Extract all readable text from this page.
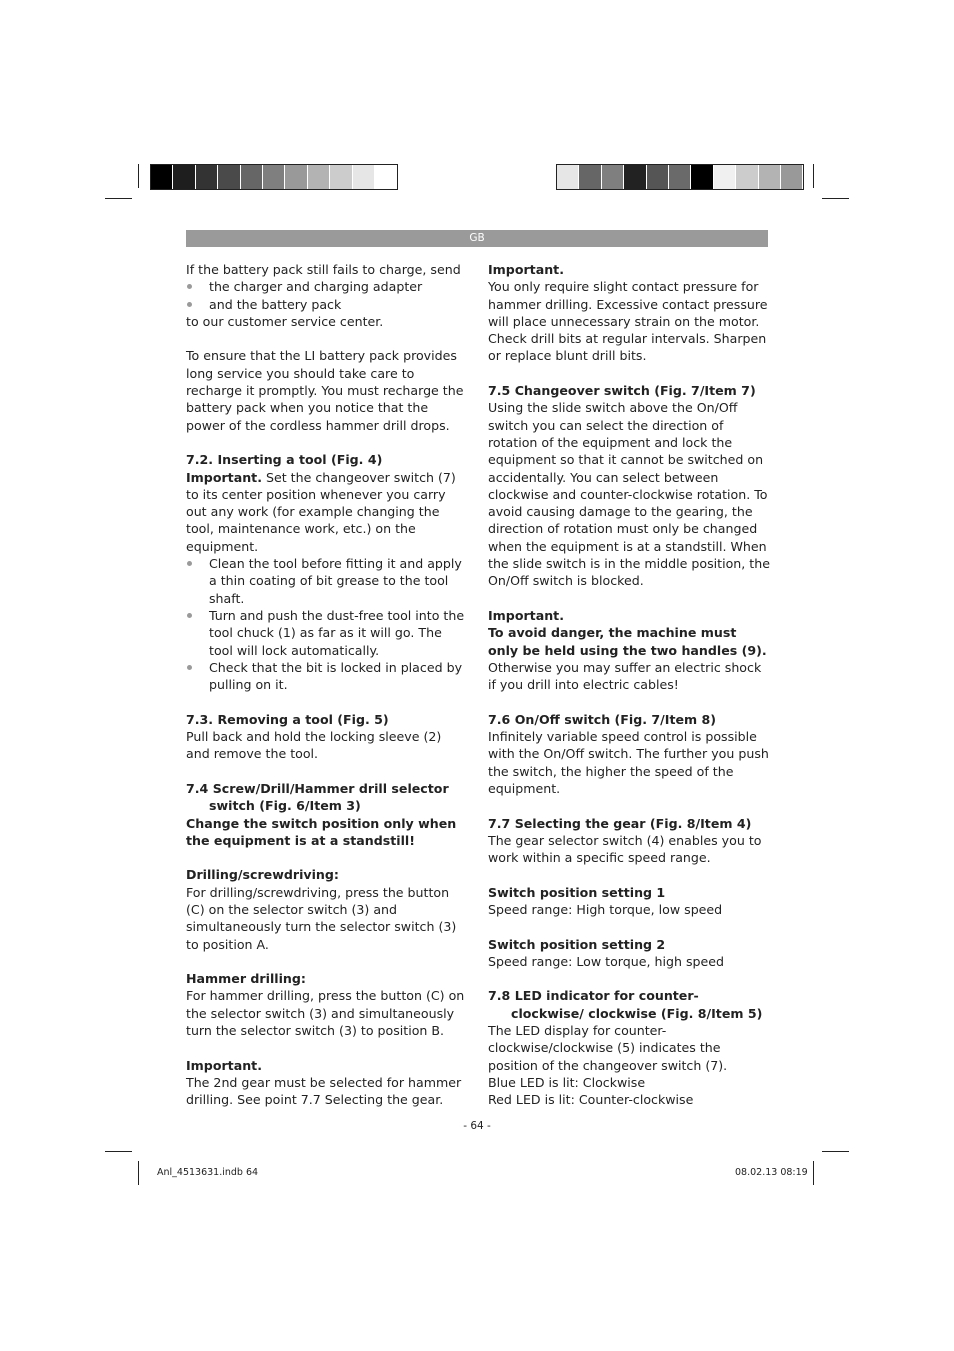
GB

If the battery pack still fails to charge, send

the charger and charging adapter
and the battery pack

to our customer service center.

To ensure that the LI battery pack provides long service you should take care to recharge it promptly. You must recharge the battery pack when you notice that the power of the cordless hammer drill drops.

7.2. Inserting a tool (Fig. 4)

Important. Set the changeover switch (7) to its center position whenever you carry out any work (for example changing the tool, maintenance work, etc.) on the equipment.

Clean the tool before fitting it and apply a thin coating of bit grease to the tool shaft.
Turn and push the dust-free tool into the tool chuck (1) as far as it will go. The tool will lock automatically.
Check that the bit is locked in placed by pulling on it.

7.3. Removing a tool (Fig. 5)

Pull back and hold the locking sleeve (2) and remove the tool.

7.4 Screw/Drill/Hammer drill selector switch (Fig. 6/Item 3)

Change the switch position only when the equipment is at a standstill!

Drilling/screwdriving:

For drilling/screwdriving, press the button (C) on the selector switch (3) and simultaneously turn the selector switch (3) to position A.

Hammer drilling:

For hammer drilling, press the button (C) on the selector switch (3) and simultaneously turn the selector switch (3) to position B.

Important.

The 2nd gear must be selected for hammer drilling. See point 7.7 Selecting the gear.

Important.

You only require slight contact pressure for hammer drilling. Excessive contact pressure will place unnecessary strain on the motor. Check drill bits at regular intervals. Sharpen or replace blunt drill bits.

7.5 Changeover switch (Fig. 7/Item 7)

Using the slide switch above the On/Off switch you can select the direction of rotation of the equipment and lock the equipment so that it cannot be switched on accidentally. You can select between clockwise and counter-clockwise rotation. To avoid causing damage to the gearing, the direction of rotation must only be changed when the equipment is at a standstill. When the slide switch is in the middle position, the On/Off switch is blocked.

Important.

To avoid danger, the machine must only be held using the two handles (9).

Otherwise you may suffer an electric shock if you drill into electric cables!

7.6 On/Off switch (Fig. 7/Item 8)

Infinitely variable speed control is possible with the On/Off switch. The further you push the switch, the higher the speed of the equipment.

7.7 Selecting the gear (Fig. 8/Item 4)

The gear selector switch (4) enables you to work within a specific speed range.

Switch position setting 1

Speed range: High torque, low speed

Switch position setting 2

Speed range: Low torque, high speed

7.8 LED indicator for counter-clockwise/ clockwise (Fig. 8/Item 5)

The LED display for counter-clockwise/clockwise (5) indicates the position of the changeover switch (7).

Blue LED is lit: Clockwise

Red LED is lit: Counter-clockwise

- 64 -
Anl_4513631.indb 64	08.02.13 08:19
